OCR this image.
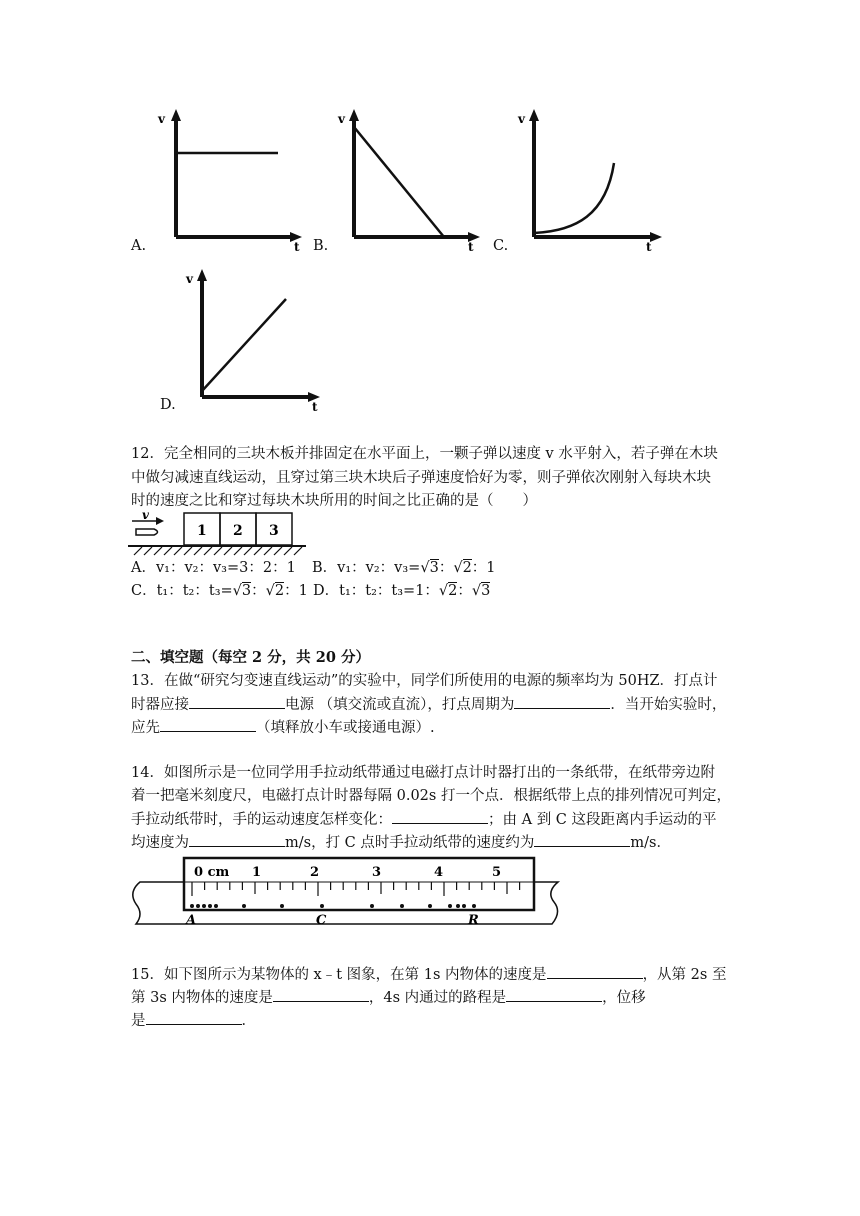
v
t
A.
v
t
B.
v
t
C.
v
t
D.
12．完全相同的三块木板并排固定在水平面上，一颗子弹以速度 v 水平射入，若子弹在木块
中做匀减速直线运动，且穿过第三块木块后子弹速度恰好为零，则子弹依次刚射入每块木块
时的速度之比和穿过每块木块所用的时间之比正确的是（　　）
v
1 2 3
A．v₁：v₂：v₃=3：2：1 B．v₁：v₂：v₃=√3：√2：1
C．t₁：t₂：t₃=√3：√2：1 D．t₁：t₂：t₃=1：√2：√3
二、填空题（每空 2 分，共 20 分）
13．在做“研究匀变速直线运动”的实验中，同学们所使用的电源的频率均为 50HZ．打点计
时器应接	电源 （填交流或直流），打点周期为	．当开始实验时，
应先	（填释放小车或接通电源）.
14．如图所示是一位同学用手拉动纸带通过电磁打点计时器打出的一条纸带，在纸带旁边附
着一把毫米刻度尺，电磁打点计时器每隔 0.02s 打一个点．根据纸带上点的排列情况可判定，
手拉动纸带时，手的运动速度怎样变化：	；由 A 到 C 这段距离内手运动的平
均速度为	m/s，打 C 点时手拉动纸带的速度约为	m/s．
0 cm 1	2	3	4	5
A	C	R
15．如下图所示为某物体的 x﹣t 图象，在第 1s 内物体的速度是	，从第 2s 至
第 3s 内物体的速度是	，4s 内通过的路程是	，位移
是	．
